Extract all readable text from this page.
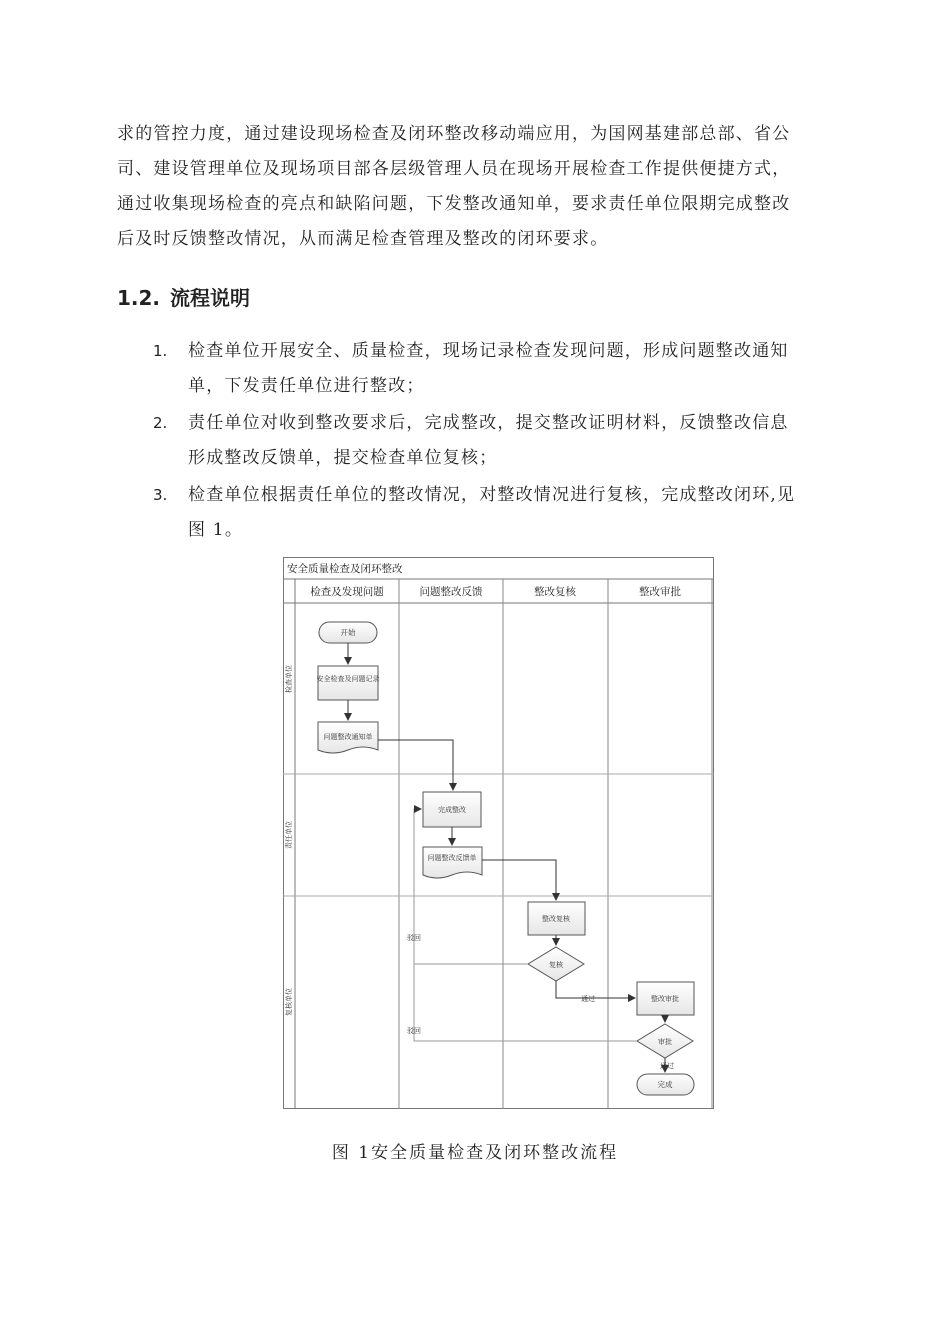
求的管控力度，通过建设现场检查及闭环整改移动端应用，为国网基建部总部、省公
司、建设管理单位及现场项目部各层级管理人员在现场开展检查工作提供便捷方式，
通过收集现场检查的亮点和缺陷问题，下发整改通知单，要求责任单位限期完成整改
后及时反馈整改情况，从而满足检查管理及整改的闭环要求。
1.2. 流程说明
1. 检查单位开展安全、质量检查，现场记录检查发现问题，形成问题整改通知
单，下发责任单位进行整改；
2. 责任单位对收到整改要求后，完成整改，提交整改证明材料，反馈整改信息
形成整改反馈单，提交检查单位复核；
3. 检查单位根据责任单位的整改情况，对整改情况进行复核，完成整改闭环,见
图 1。
安全质量检查及闭环整改
检查及发现问题	问题整改反馈	整改复核	整改审批
检查单位
责任单位
复核单位
开始
安全检查及问题记录
问题整改通知单
完成整改
问题整改反馈单
整改复核
复核
驳回
通过	整改审批
审批
驳回
通过
完成
图 1安全质量检查及闭环整改流程
